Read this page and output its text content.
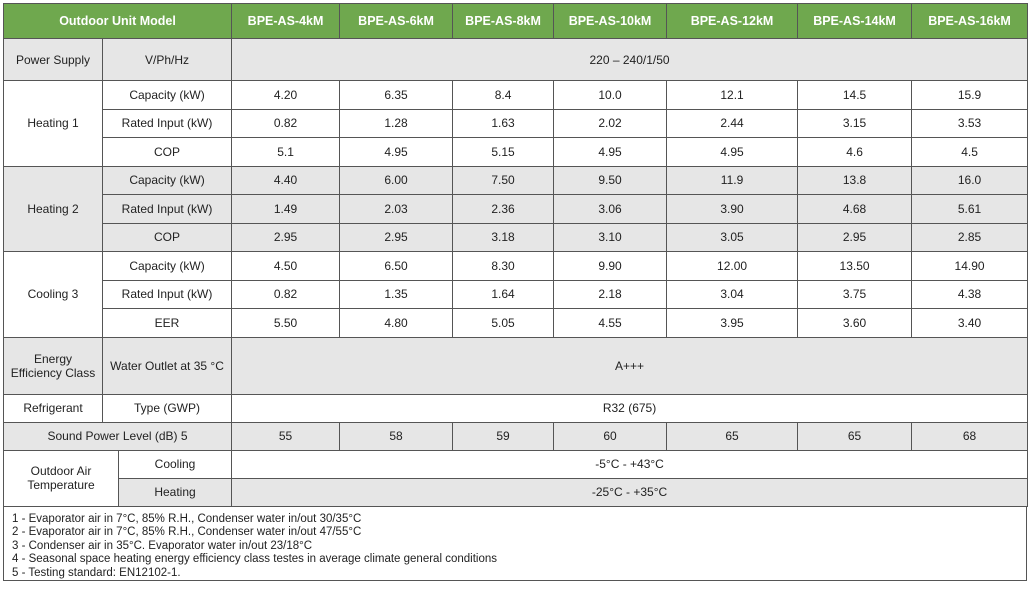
Outdoor Unit Model			BPE-AS-4kM	BPE-AS-6kM	BPE-AS-8kM	BPE-AS-10kM	BPE-AS-12kM	BPE-AS-14kM	BPE-AS-16kM
Power Supply	V/Ph/Hz		220 – 240/1/50						
Heating 1	Capacity (kW)		4.20	6.35	8.4	10.0	12.1	14.5	15.9
	Rated Input (kW)		0.82	1.28	1.63	2.02	2.44	3.15	3.53
	COP		5.1	4.95	5.15	4.95	4.95	4.6	4.5
Heating 2	Capacity (kW)		4.40	6.00	7.50	9.50	11.9	13.8	16.0
	Rated Input (kW)		1.49	2.03	2.36	3.06	3.90	4.68	5.61
	COP		2.95	2.95	3.18	3.10	3.05	2.95	2.85
Cooling 3	Capacity (kW)		4.50	6.50	8.30	9.90	12.00	13.50	14.90
	Rated Input (kW)		0.82	1.35	1.64	2.18	3.04	3.75	4.38
	EER		5.50	4.80	5.05	4.55	3.95	3.60	3.40
Energy Efficiency Class	Water Outlet at 35 °C		A+++						
Refrigerant	Type (GWP)		R32 (675)						
Sound Power Level (dB) 5			55	58	59	60	65	65	68
Outdoor Air Temperature		Cooling	-5°C - +43°C						
		Heating	-25°C - +35°C						
1 - Evaporator air in 7°C, 85% R.H., Condenser water in/out 30/35°C
2 - Evaporator air in 7°C, 85% R.H., Condenser water in/out 47/55°C
3 - Condenser air in 35°C. Evaporator water in/out 23/18°C
4 - Seasonal space heating energy efficiency class testes in average climate general conditions
5 - Testing standard: EN12102-1.
